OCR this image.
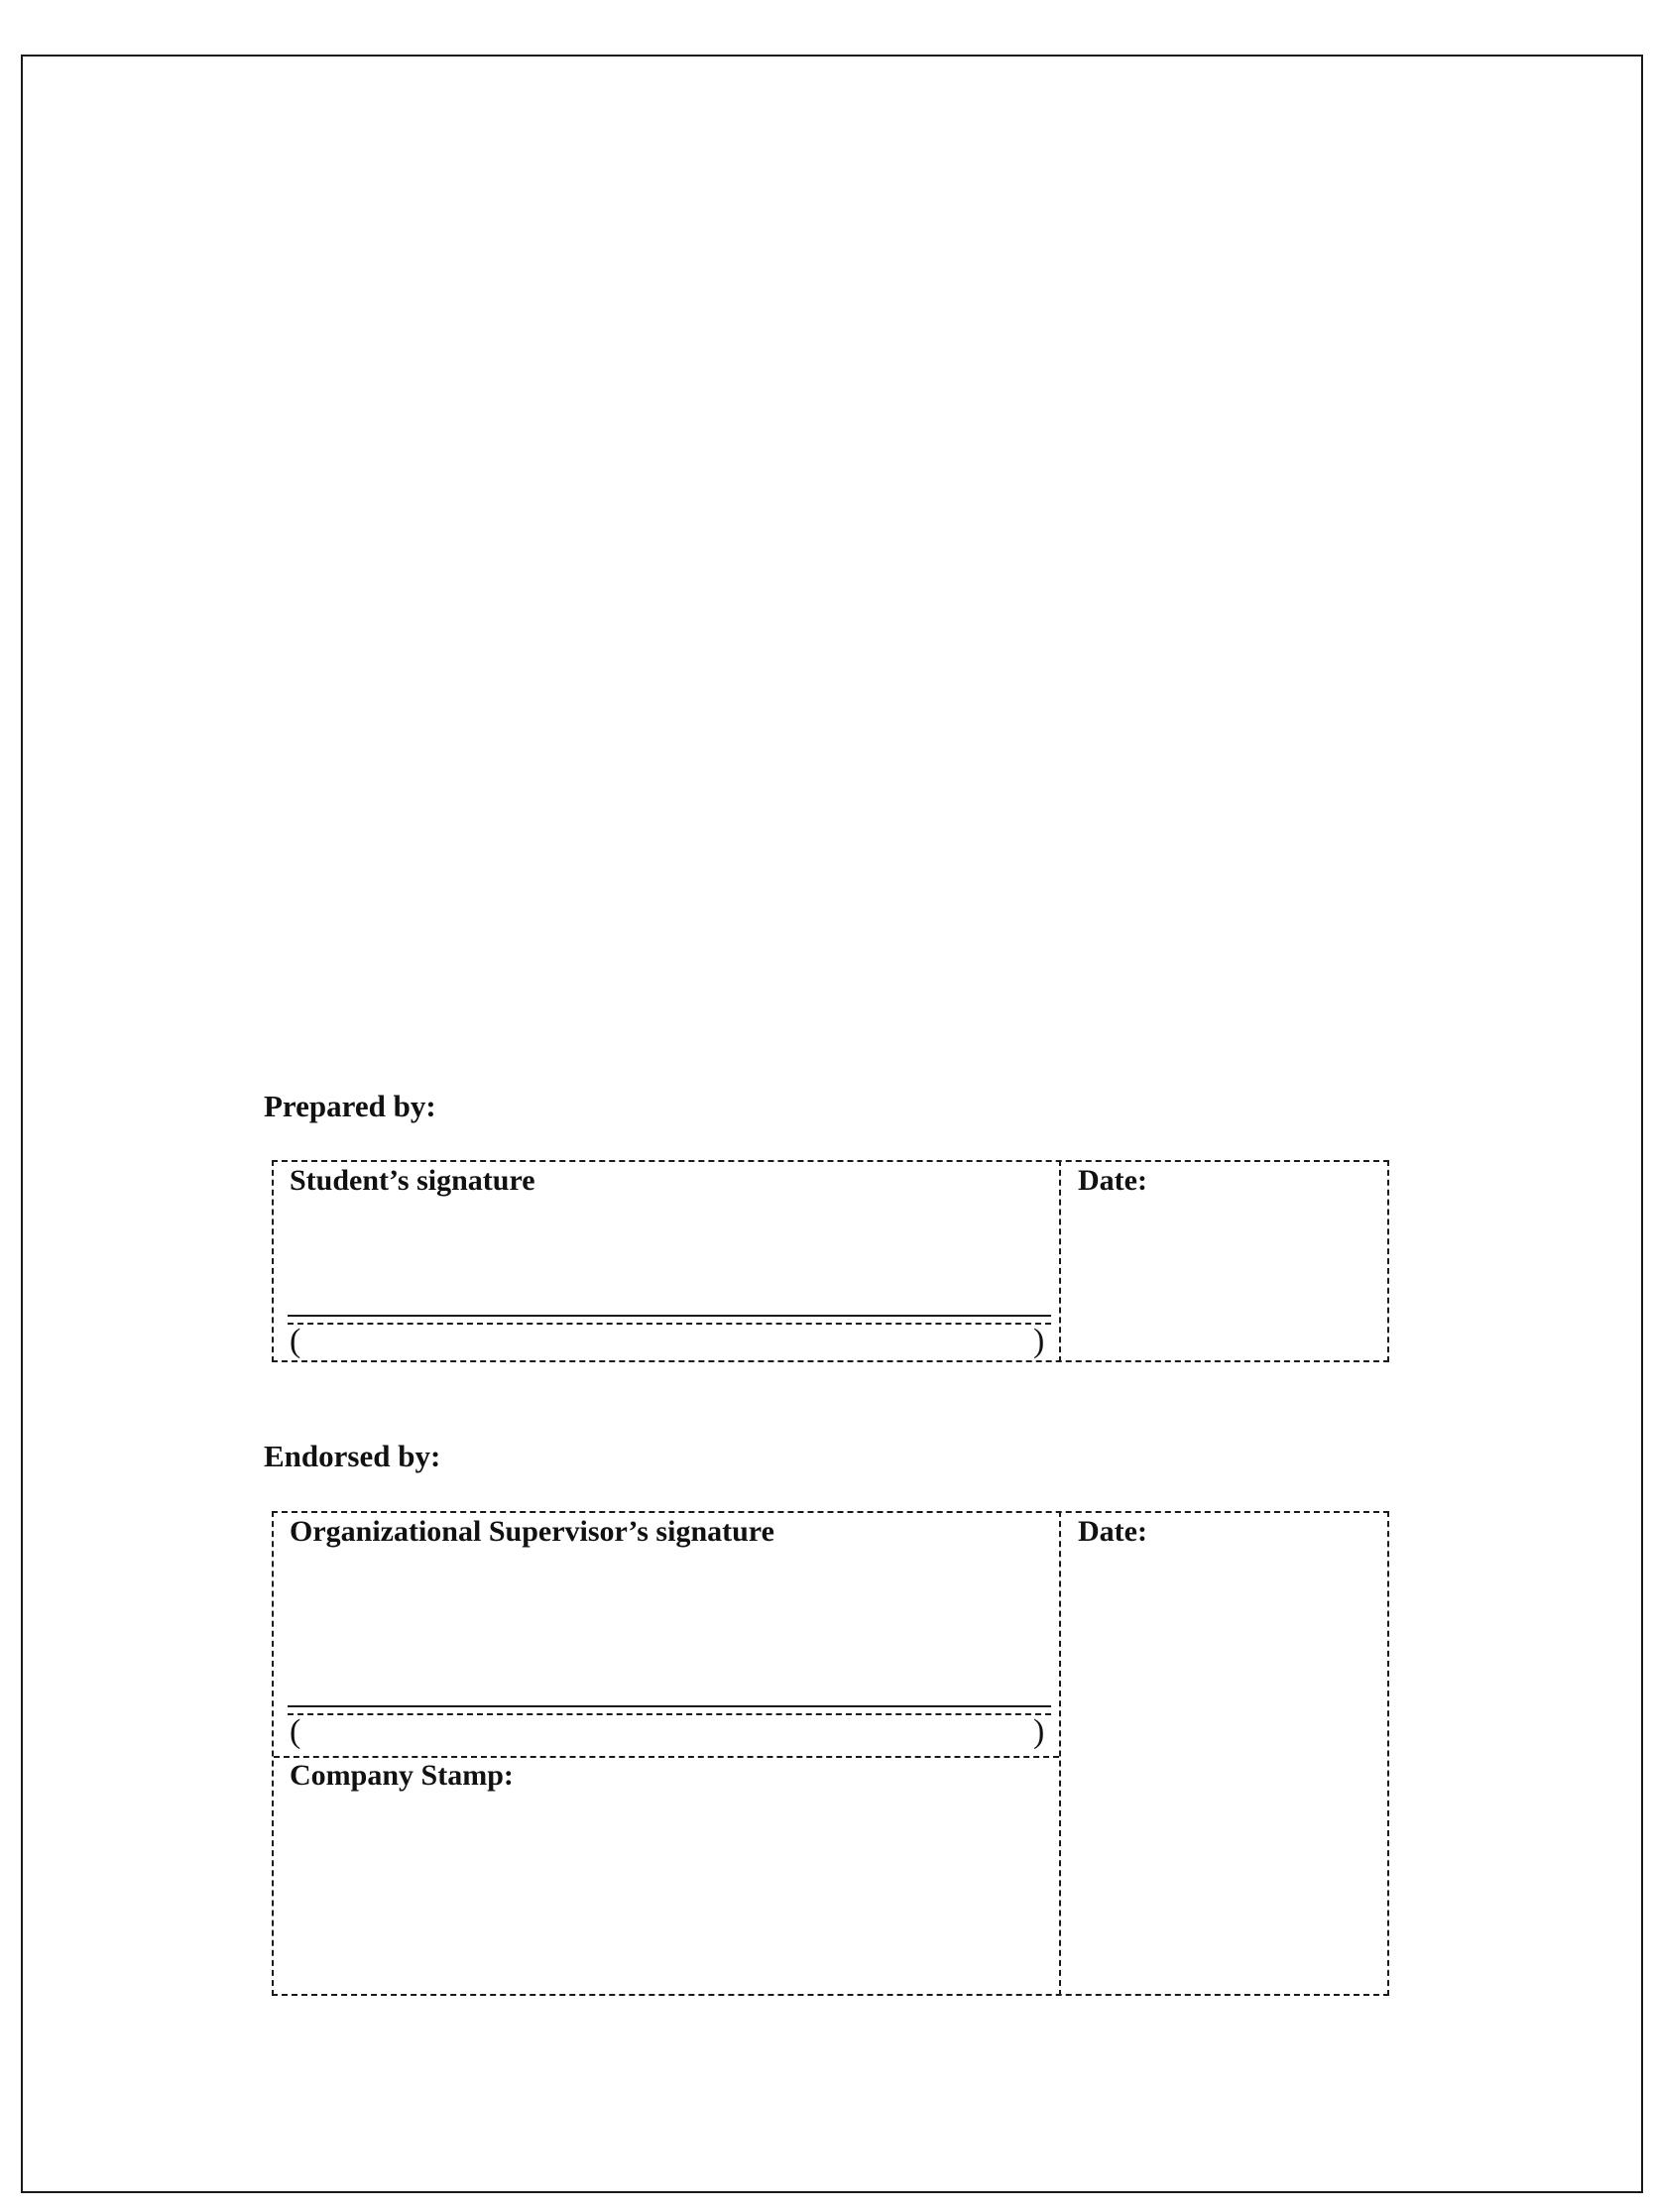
Prepared by:
Student’s signature
(	)
Date:
Endorsed by:
Organizational Supervisor’s signature
(	)
Company Stamp:
Date:
